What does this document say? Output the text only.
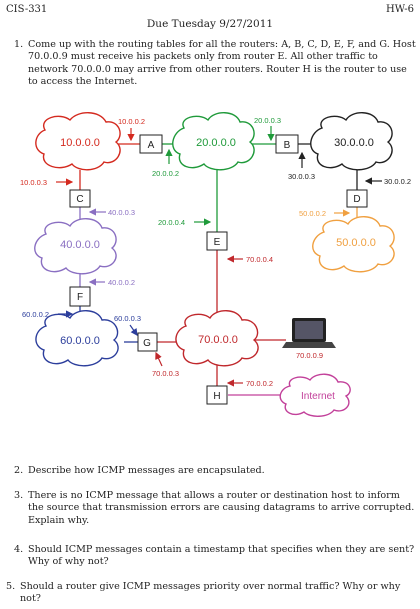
CIS-331	HW-6
Due Tuesday 9/27/2011
1. Come up with the routing tables for all the routers: A, B, C, D, E, F, and G. Host 70.0.0.9 must receive his packets only from router E. All other traffic to network 70.0.0.0 may arrive from other routers. Router H is the router to use to access the Internet.
10.0.0.0	20.0.0.0	30.0.0.0
40.0.0.0	50.0.0.0
60.0.0.0	70.0.0.0
Internet
A	B
C	D
E
F
G
H
70.0.0.9
10.0.0.2	20.0.0.3
20.0.0.2	30.0.0.3
30.0.0.2
10.0.0.3
40.0.0.3	50.0.0.2
20.0.0.4
70.0.0.4
40.0.0.2
60.0.0.2	60.0.0.3
70.0.0.3
70.0.0.2
2. Describe how ICMP messages are encapsulated.
3. There is no ICMP message that allows a router or destination host to inform the source that transmission errors are causing datagrams to arrive corrupted. Explain why.
4. Should ICMP messages contain a timestamp that specifies when they are sent? Why of why not?
5. Should a router give ICMP messages priority over normal traffic? Why or why not?
